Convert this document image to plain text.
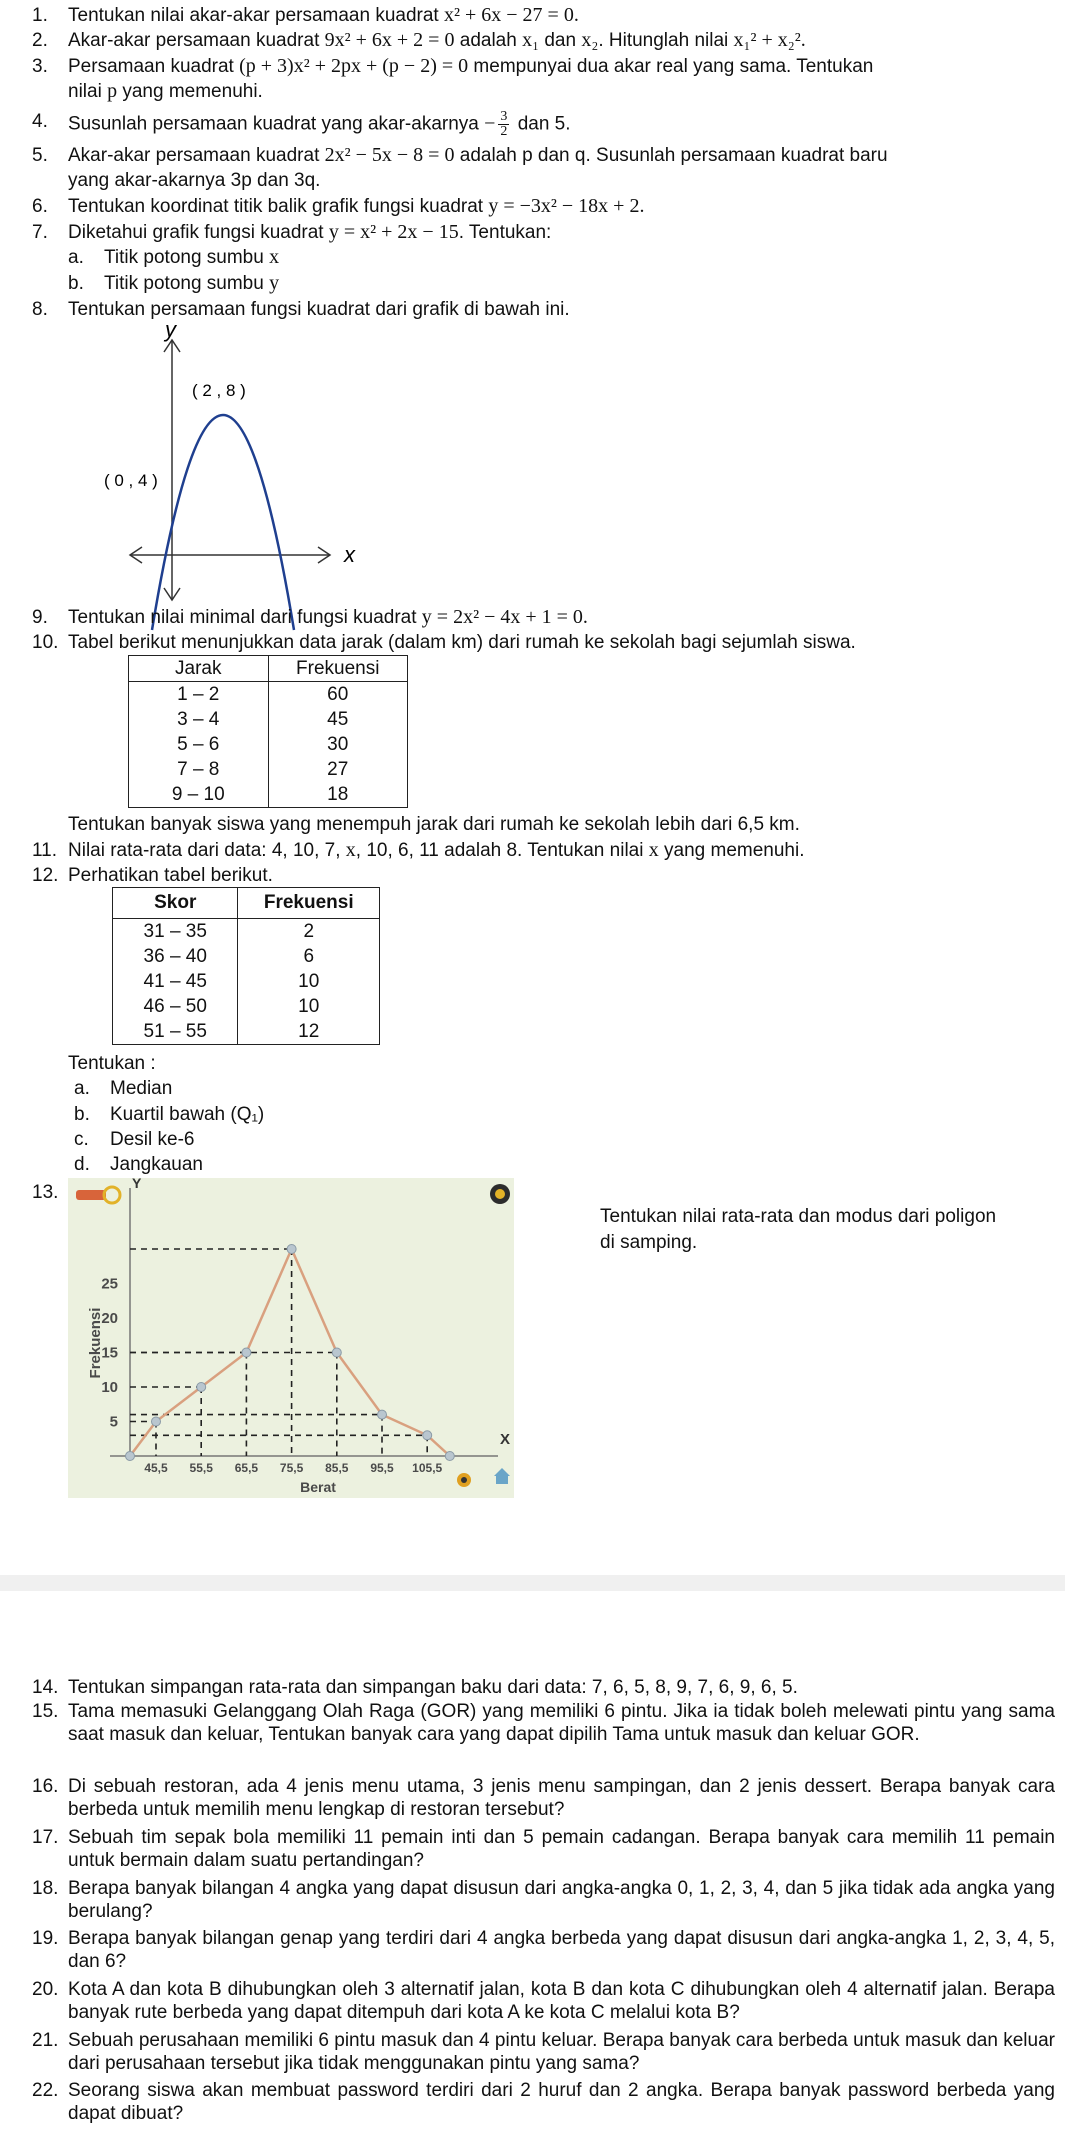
1. Tentukan nilai akar-akar persamaan kuadrat x² + 6x − 27 = 0.
2. Akar-akar persamaan kuadrat 9x² + 6x + 2 = 0 adalah x₁ dan x₂. Hitunglah nilai x₁² + x₂².
3. Persamaan kuadrat (p + 3)x² + 2px + (p − 2) = 0 mempunyai dua akar real yang sama. Tentukan
nilai p yang memenuhi.
4. Susunlah persamaan kuadrat yang akar-akarnya − $\frac{3}{2}$ dan 5.
5. Akar-akar persamaan kuadrat 2x² − 5x − 8 = 0 adalah p dan q. Susunlah persamaan kuadrat baru
yang akar-akarnya 3p dan 3q.
6. Tentukan koordinat titik balik grafik fungsi kuadrat y = −3x² − 18x + 2.
7. Diketahui grafik fungsi kuadrat y = x² + 2x − 15. Tentukan:
a. Titik potong sumbu x
b. Titik potong sumbu y
8. Tentukan persamaan fungsi kuadrat dari grafik di bawah ini.
y
x
( 2 , 8 )
( 0 , 4 )
9. Tentukan nilai minimal dari fungsi kuadrat y = 2x² − 4x + 1 = 0.
10. Tabel berikut menunjukkan data jarak (dalam km) dari rumah ke sekolah bagi sejumlah siswa.
Jarak	Frekuensi
1 – 2	60
3 – 4	45
5 – 6	30
7 – 8	27
9 – 10	18
Tentukan banyak siswa yang menempuh jarak dari rumah ke sekolah lebih dari 6,5 km.
11. Nilai rata-rata dari data: 4, 10, 7, x, 10, 6, 11 adalah 8. Tentukan nilai x yang memenuhi.
12. Perhatikan tabel berikut.
Skor	Frekuensi
31 – 35	2
36 – 40	6
41 – 45	10
46 – 50	10
51 – 55	12
Tentukan :
a. Median
b. Kuartil bawah (Q₁)
c. Desil ke-6
d. Jangkauan
13.
Tentukan nilai rata-rata dan modus dari poligon
di samping.
45,5 55,5 65,5 75,5 85,5 95,5 105,5
5
10
15
20
25
Frekuensi
Berat
Y
X
14. Tentukan simpangan rata-rata dan simpangan baku dari data: 7, 6, 5, 8, 9, 7, 6, 9, 6, 5.
15. Tama memasuki Gelanggang Olah Raga (GOR) yang memiliki 6 pintu. Jika ia tidak boleh melewati pintu yang sama saat masuk dan keluar, Tentukan banyak cara yang dapat dipilih Tama untuk masuk dan keluar GOR.
16. Di sebuah restoran, ada 4 jenis menu utama, 3 jenis menu sampingan, dan 2 jenis dessert. Berapa banyak cara berbeda untuk memilih menu lengkap di restoran tersebut?
17. Sebuah tim sepak bola memiliki 11 pemain inti dan 5 pemain cadangan. Berapa banyak cara memilih 11 pemain untuk bermain dalam suatu pertandingan?
18. Berapa banyak bilangan 4 angka yang dapat disusun dari angka-angka 0, 1, 2, 3, 4, dan 5 jika tidak ada angka yang berulang?
19. Berapa banyak bilangan genap yang terdiri dari 4 angka berbeda yang dapat disusun dari angka-angka 1, 2, 3, 4, 5, dan 6?
20. Kota A dan kota B dihubungkan oleh 3 alternatif jalan, kota B dan kota C dihubungkan oleh 4 alternatif jalan. Berapa banyak rute berbeda yang dapat ditempuh dari kota A ke kota C melalui kota B?
21. Sebuah perusahaan memiliki 6 pintu masuk dan 4 pintu keluar. Berapa banyak cara berbeda untuk masuk dan keluar dari perusahaan tersebut jika tidak menggunakan pintu yang sama?
22. Seorang siswa akan membuat password terdiri dari 2 huruf dan 2 angka. Berapa banyak password berbeda yang dapat dibuat?
